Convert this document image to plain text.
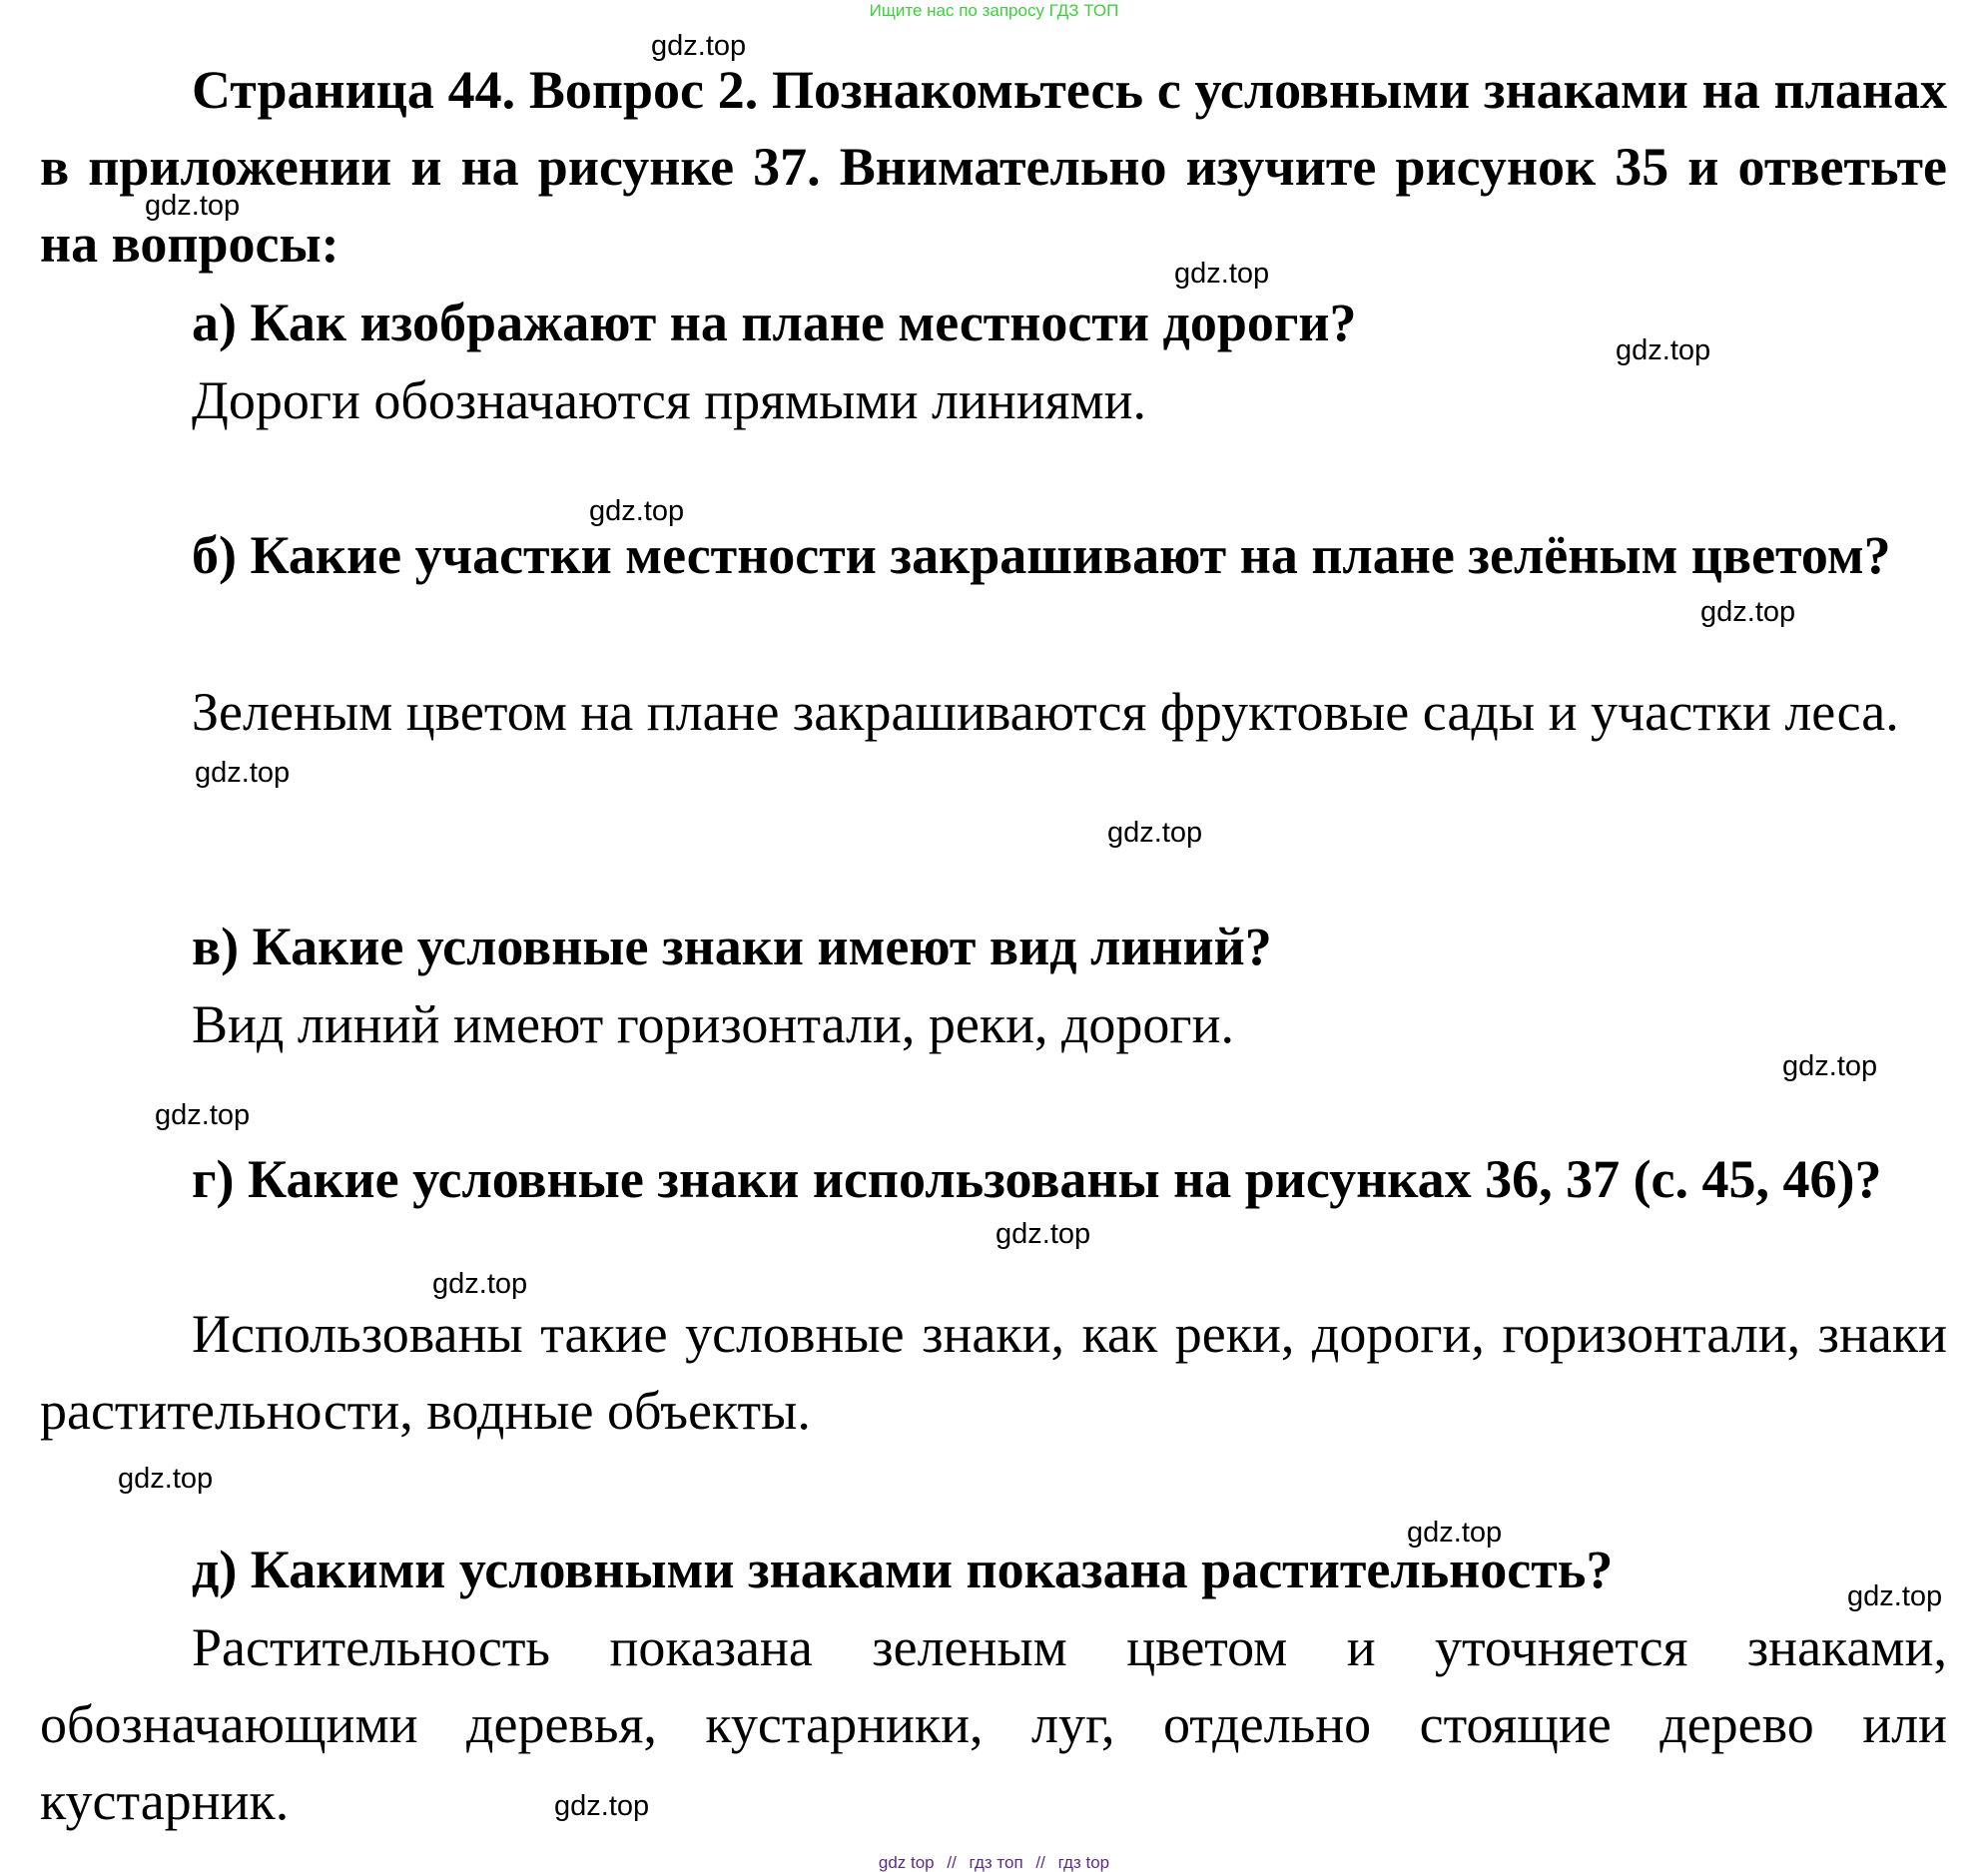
Ищите нас по запросу ГДЗ ТОП

Страница 44. Вопрос 2. Познакомьтесь с условными знаками на планах в приложении и на рисунке 37. Внимательно изучите рисунок 35 и ответьте на вопросы:

а) Как изображают на плане местности дороги?

Дороги обозначаются прямыми линиями.

б) Какие участки местности закрашивают на плане зелёным цветом?

Зеленым цветом на плане закрашиваются фруктовые сады и участки леса.

в) Какие условные знаки имеют вид линий?

Вид линий имеют горизонтали, реки, дороги.

г) Какие условные знаки использованы на рисунках 36, 37 (с. 45, 46)?

Использованы такие условные знаки, как реки, дороги, горизонтали, знаки растительности, водные объекты.

д) Какими условными знаками показана растительность?

Растительность показана зеленым цветом и уточняется знаками, обозначающими деревья, кустарники, луг, отдельно стоящие дерево или кустарник.

gdz.top
gdz.top
gdz.top
gdz.top
gdz.top
gdz.top
gdz.top
gdz.top
gdz.top
gdz.top
gdz.top
gdz.top
gdz.top
gdz.top
gdz.top
gdz.top
gdz top // гдз топ // гдз top
